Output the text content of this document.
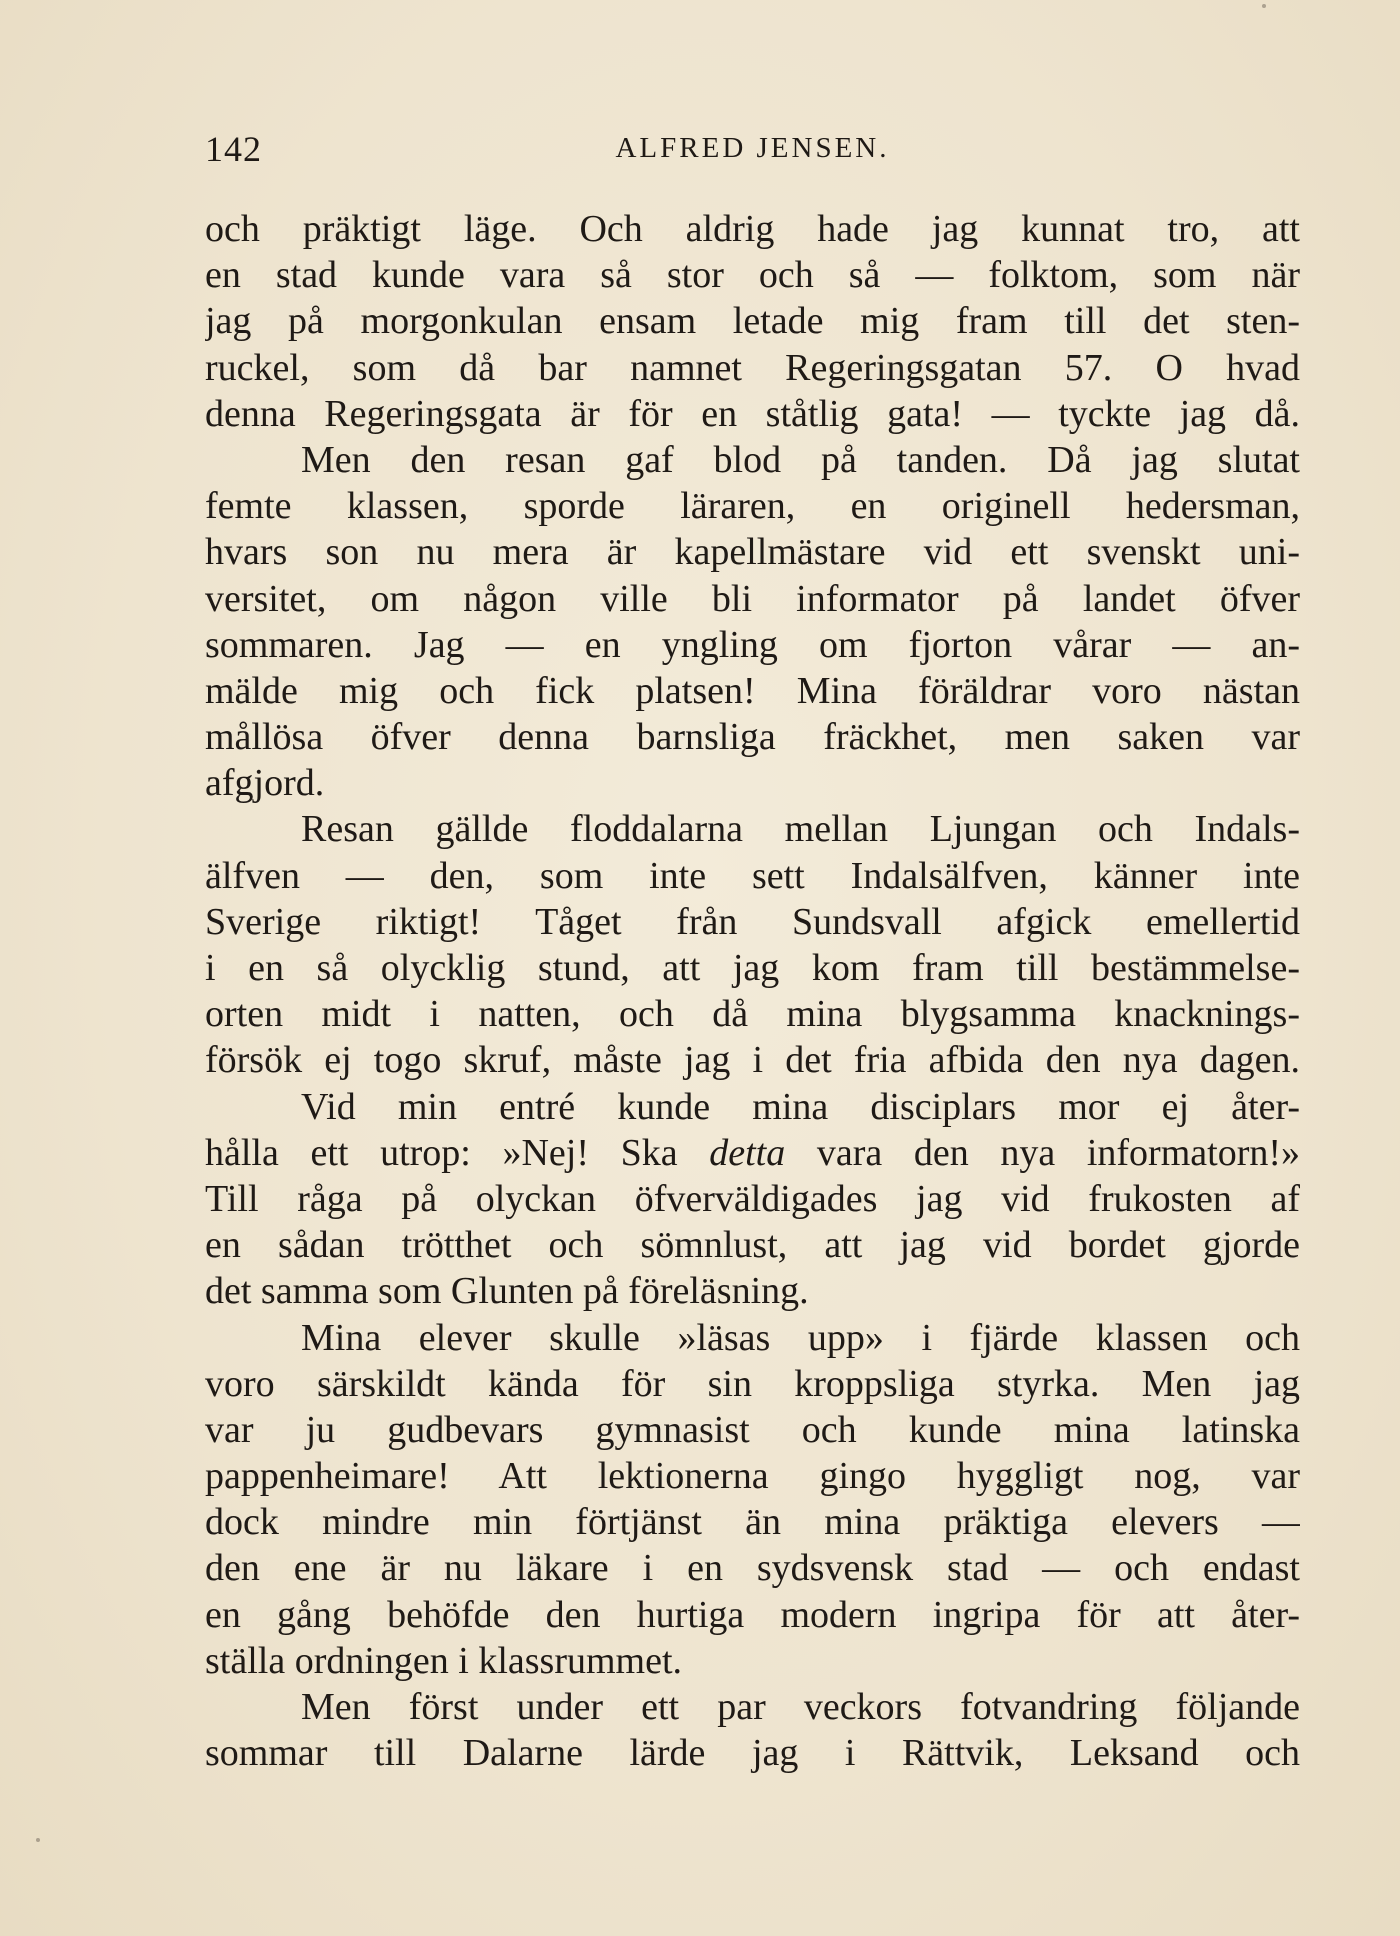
142	ALFRED JENSEN.
och präktigt läge. Och aldrig hade jag kunnat tro, att
en stad kunde vara så stor och så — folktom, som när
jag på morgonkulan ensam letade mig fram till det sten-
ruckel, som då bar namnet Regeringsgatan 57. O hvad
denna Regeringsgata är för en ståtlig gata! — tyckte jag då.
Men den resan gaf blod på tanden. Då jag slutat
femte klassen, sporde läraren, en originell hedersman,
hvars son nu mera är kapellmästare vid ett svenskt uni-
versitet, om någon ville bli informator på landet öfver
sommaren. Jag — en yngling om fjorton vårar — an-
mälde mig och fick platsen! Mina föräldrar voro nästan
mållösa öfver denna barnsliga fräckhet, men saken var
afgjord.
Resan gällde floddalarna mellan Ljungan och Indals-
älfven — den, som inte sett Indalsälfven, känner inte
Sverige riktigt! Tåget från Sundsvall afgick emellertid
i en så olycklig stund, att jag kom fram till bestämmelse-
orten midt i natten, och då mina blygsamma knacknings-
försök ej togo skruf, måste jag i det fria afbida den nya dagen.
Vid min entré kunde mina disciplars mor ej åter-
hålla ett utrop: »Nej! Ska detta vara den nya informatorn!»
Till råga på olyckan öfverväldigades jag vid frukosten af
en sådan trötthet och sömnlust, att jag vid bordet gjorde
det samma som Glunten på föreläsning.
Mina elever skulle »läsas upp» i fjärde klassen och
voro särskildt kända för sin kroppsliga styrka. Men jag
var ju gudbevars gymnasist och kunde mina latinska
pappenheimare! Att lektionerna gingo hyggligt nog, var
dock mindre min förtjänst än mina präktiga elevers —
den ene är nu läkare i en sydsvensk stad — och endast
en gång behöfde den hurtiga modern ingripa för att åter-
ställa ordningen i klassrummet.
Men först under ett par veckors fotvandring följande
sommar till Dalarne lärde jag i Rättvik, Leksand och
